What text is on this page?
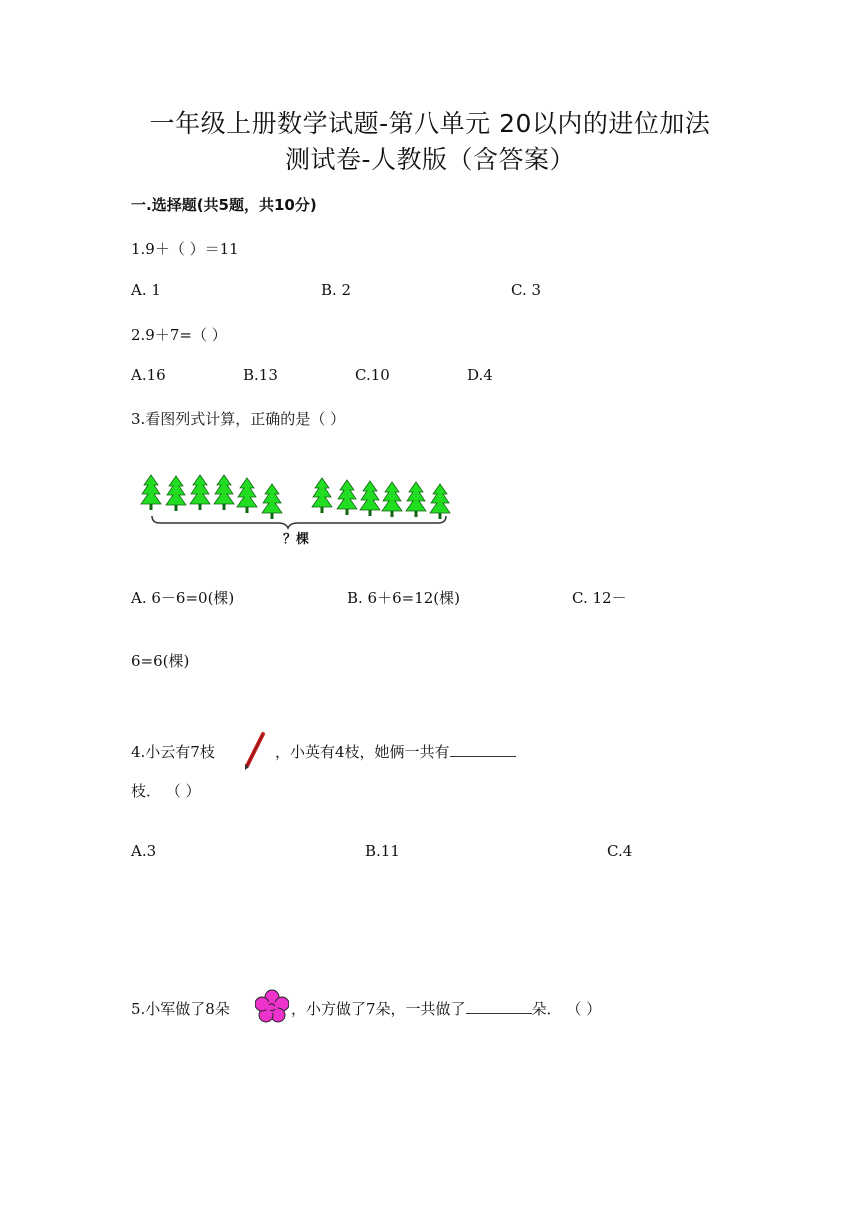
一年级上册数学试题-第八单元 20以内的进位加法
测试卷-人教版（含答案）
一.选择题(共5题，共10分)
1.9＋（ ）＝11
A. 1	B. 2	C. 3
2.9＋7=（ ）
A.16	B.13	C.10	D.4
3.看图列式计算，正确的是（ ）
？棵
A. 6－6=0(棵)	B. 6＋6=12(棵)	C. 12－
6=6(棵)
4.小云有7枝	，小英有4枝，她俩一共有
枝． （ ）
A.3	B.11	C.4
5.小军做了8朵	，小方做了7朵，一共做了	朵． （ ）
